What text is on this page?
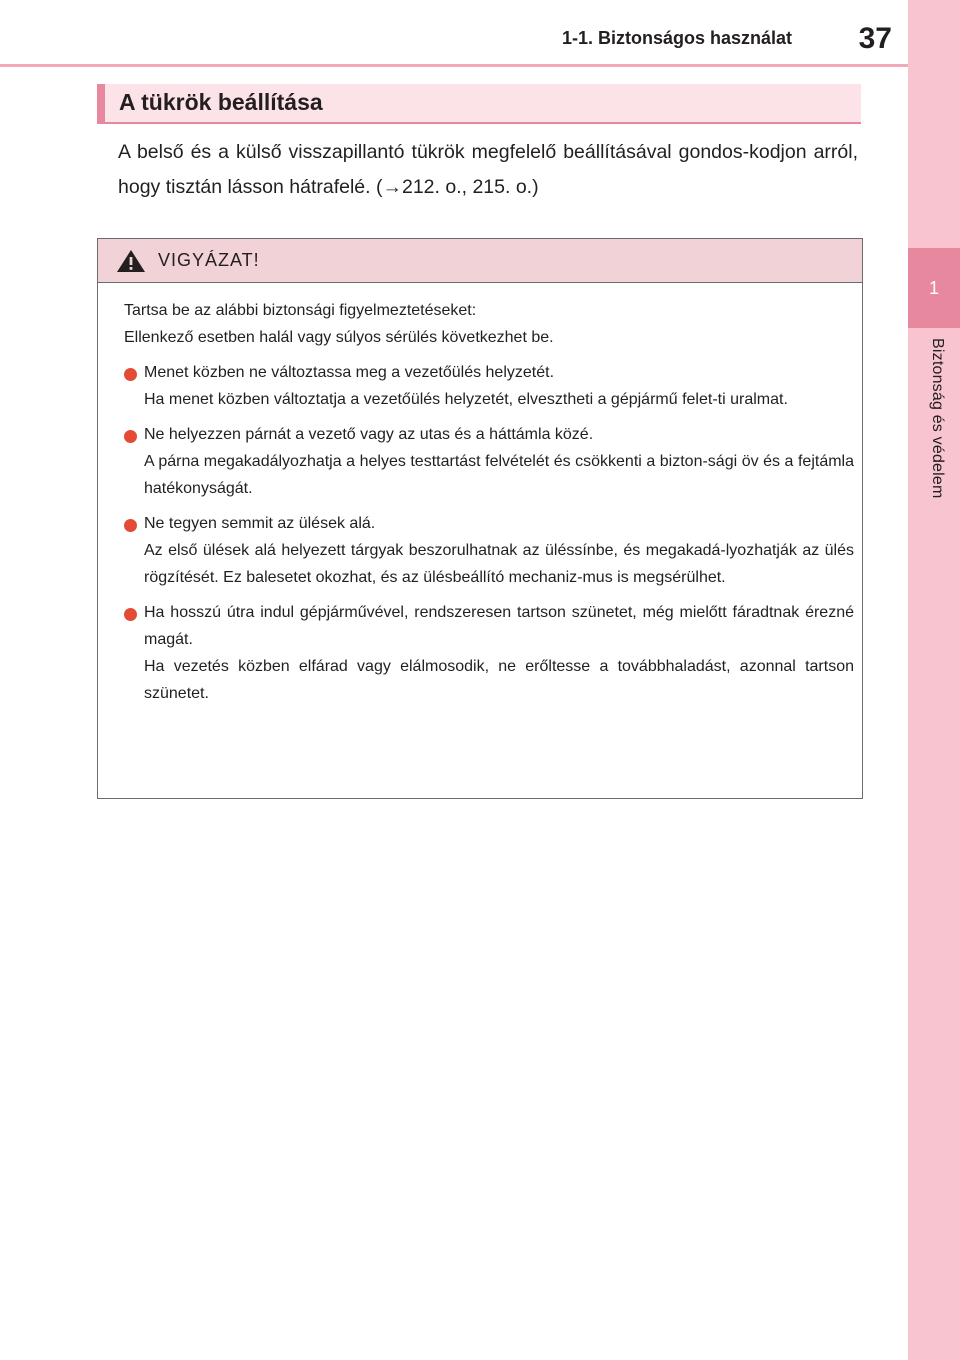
1
Biztonság és védelem
1-1. Biztonságos használat 37
A tükrök beállítása
A belső és a külső visszapillantó tükrök megfelelő beállításával gondos-kodjon arról, hogy tisztán lásson hátrafelé. (→212. o., 215. o.)
VIGYÁZAT!

Tartsa be az alábbi biztonsági figyelmeztetéseket:
Ellenkező esetben halál vagy súlyos sérülés következhet be.

Menet közben ne változtassa meg a vezetőülés helyzetét.
Ha menet közben változtatja a vezetőülés helyzetét, elvesztheti a gépjármű felet-ti uralmat.
Ne helyezzen párnát a vezető vagy az utas és a háttámla közé.
A párna megakadályozhatja a helyes testtartást felvételét és csökkenti a bizton-sági öv és a fejtámla hatékonyságát.
Ne tegyen semmit az ülések alá.
Az első ülések alá helyezett tárgyak beszorulhatnak az üléssínbe, és megakadá-lyozhatják az ülés rögzítését. Ez balesetet okozhat, és az ülésbeállító mechaniz-mus is megsérülhet.
Ha hosszú útra indul gépjárművével, rendszeresen tartson szünetet, még mielőtt fáradtnak érezné magát.
Ha vezetés közben elfárad vagy elálmosodik, ne erőltesse a továbbhaladást, azonnal tartson szünetet.
